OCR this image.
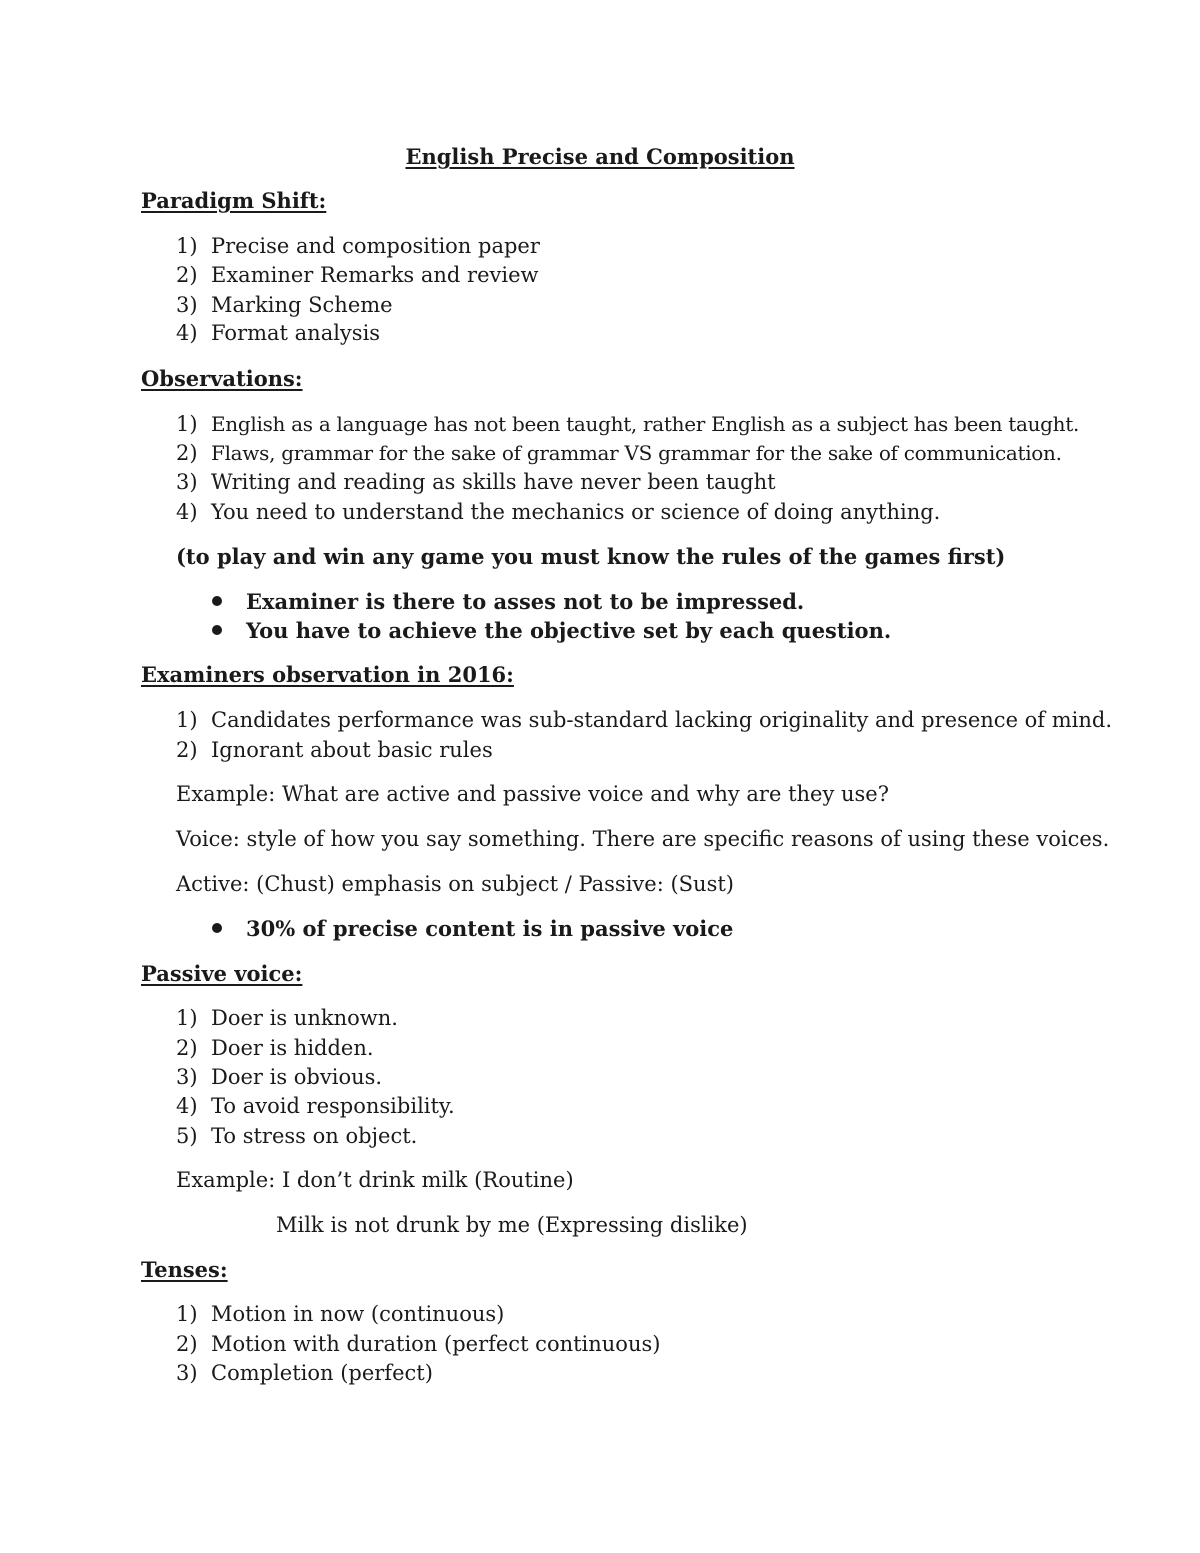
English Precise and Composition
Paradigm Shift:
1) Precise and composition paper
2) Examiner Remarks and review
3) Marking Scheme
4) Format analysis
Observations:
1) English as a language has not been taught, rather English as a subject has been taught.
2) Flaws, grammar for the sake of grammar VS grammar for the sake of communication.
3) Writing and reading as skills have never been taught
4) You need to understand the mechanics or science of doing anything.
(to play and win any game you must know the rules of the games first)
Examiner is there to asses not to be impressed.
You have to achieve the objective set by each question.
Examiners observation in 2016:
1) Candidates performance was sub-standard lacking originality and presence of mind.
2) Ignorant about basic rules
Example: What are active and passive voice and why are they use?
Voice: style of how you say something. There are specific reasons of using these voices.
Active: (Chust) emphasis on subject / Passive: (Sust)
30% of precise content is in passive voice
Passive voice:
1) Doer is unknown.
2) Doer is hidden.
3) Doer is obvious.
4) To avoid responsibility.
5) To stress on object.
Example: I don’t drink milk (Routine)
Milk is not drunk by me (Expressing dislike)
Tenses:
1) Motion in now (continuous)
2) Motion with duration (perfect continuous)
3) Completion (perfect)
